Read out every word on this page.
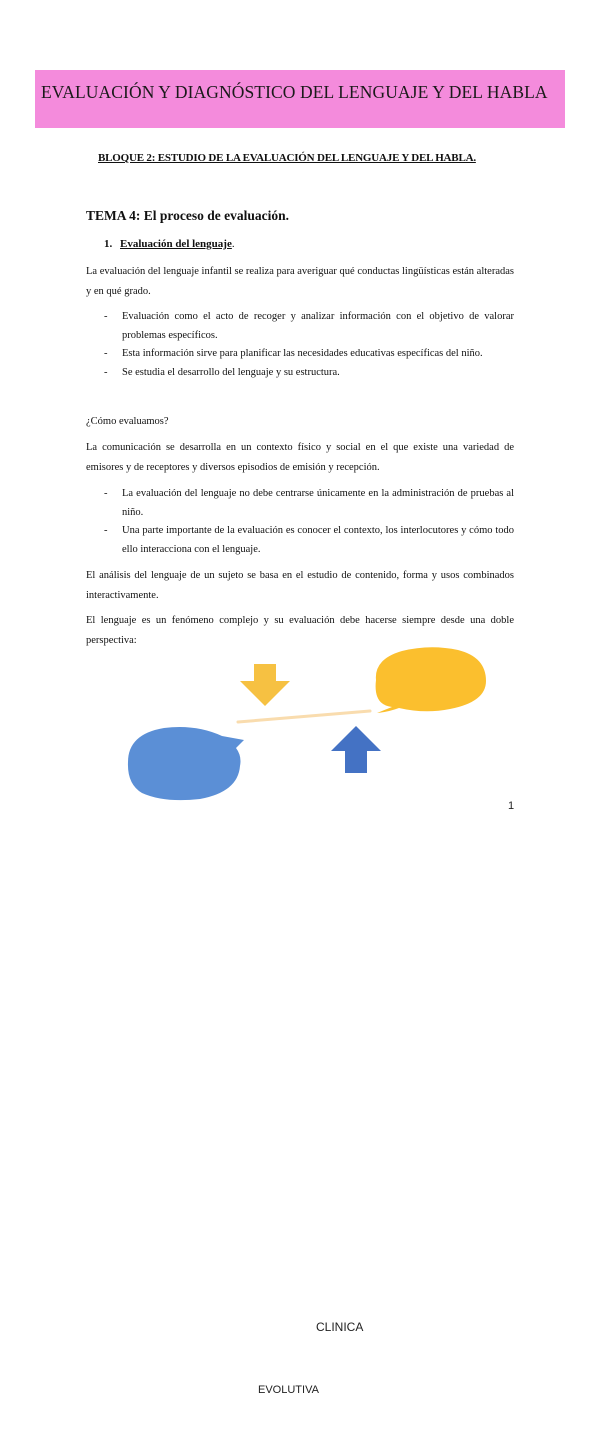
EVALUACIÓN Y DIAGNÓSTICO DEL LENGUAJE Y DEL HABLA
BLOQUE 2: ESTUDIO DE LA EVALUACIÓN DEL LENGUAJE Y DEL HABLA.
TEMA 4: El proceso de evaluación.
1. Evaluación del lenguaje.
La evaluación del lenguaje infantil se realiza para averiguar qué conductas lingüísticas están alteradas y en qué grado.
- Evaluación como el acto de recoger y analizar información con el objetivo de valorar problemas específicos.
- Esta información sirve para planificar las necesidades educativas específicas del niño.
- Se estudia el desarrollo del lenguaje y su estructura.
¿Cómo evaluamos?
La comunicación se desarrolla en un contexto físico y social en el que existe una variedad de emisores y de receptores y diversos episodios de emisión y recepción.
- La evaluación del lenguaje no debe centrarse únicamente en la administración de pruebas al niño.
- Una parte importante de la evaluación es conocer el contexto, los interlocutores y cómo todo ello interacciona con el lenguaje.
El análisis del lenguaje de un sujeto se basa en el estudio de contenido, forma y usos combinados interactivamente.
El lenguaje es un fenómeno complejo y su evaluación debe hacerse siempre desde una doble perspectiva:
CLINICA
EVOLUTIVA
Porque cada niño es un
ser distinto que merece
ser comprendido en su
individualidad
No tenemos mejor
forma de reconocer los
retrasos si no es con
referencia al proceso
de desarrollo normal
1
